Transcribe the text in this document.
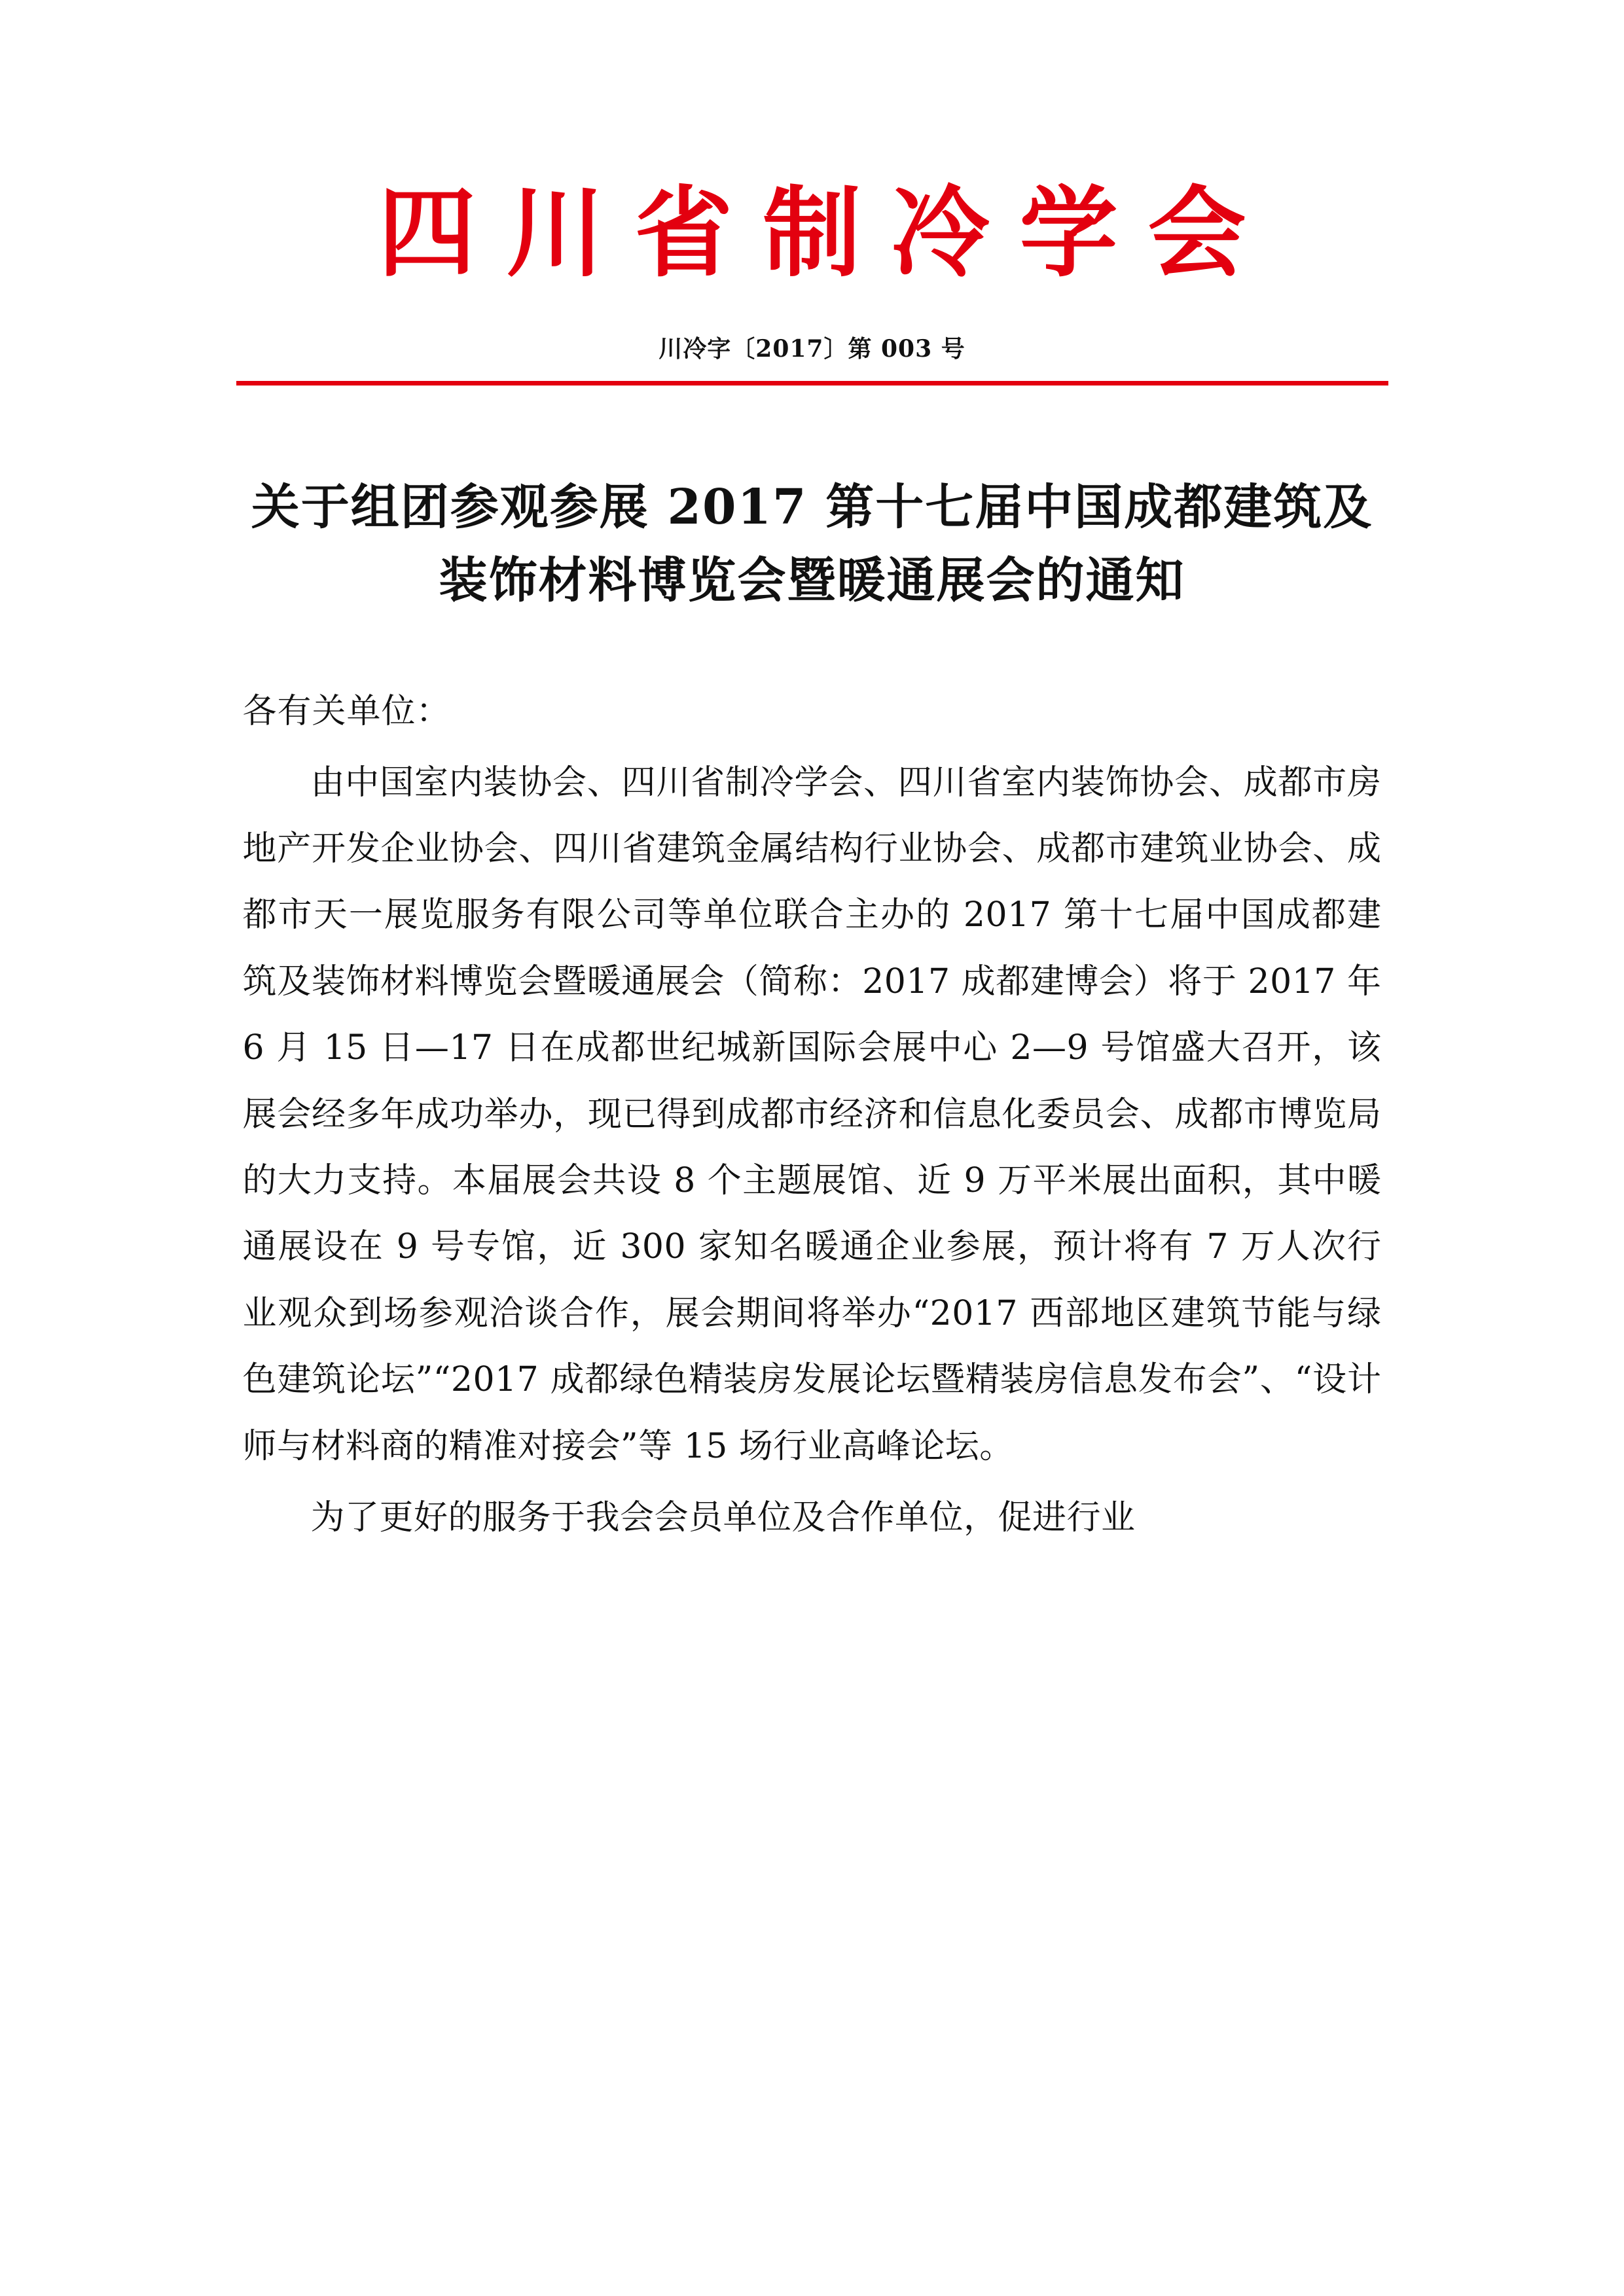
四川省制冷学会
川冷字〔2017〕第 003 号
关于组团参观参展 2017 第十七届中国成都建筑及装饰材料博览会暨暖通展会的通知
各有关单位：

由中国室内装协会、四川省制冷学会、四川省室内装饰协会、成都市房地产开发企业协会、四川省建筑金属结构行业协会、成都市建筑业协会、成都市天一展览服务有限公司等单位联合主办的 2017 第十七届中国成都建筑及装饰材料博览会暨暖通展会（简称：2017 成都建博会）将于 2017 年 6 月 15 日—17 日在成都世纪城新国际会展中心 2—9 号馆盛大召开，该展会经多年成功举办，现已得到成都市经济和信息化委员会、成都市博览局的大力支持。本届展会共设 8 个主题展馆、近 9 万平米展出面积，其中暖通展设在 9 号专馆，近 300 家知名暖通企业参展，预计将有 7 万人次行业观众到场参观洽谈合作，展会期间将举办“2017 西部地区建筑节能与绿色建筑论坛”“2017 成都绿色精装房发展论坛暨精装房信息发布会”、“设计师与材料商的精准对接会”等 15 场行业高峰论坛。

为了更好的服务于我会会员单位及合作单位，促进行业
